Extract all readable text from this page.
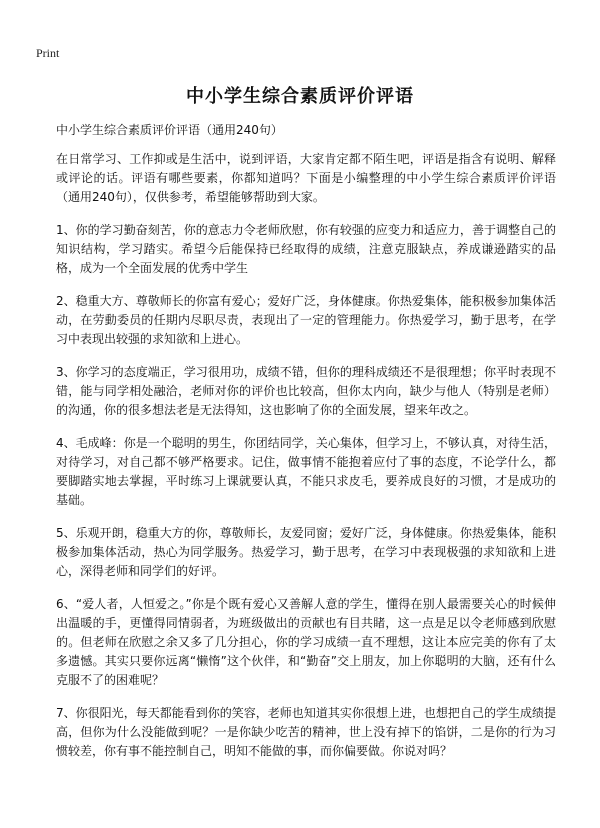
Print
中小学生综合素质评价评语

中小学生综合素质评价评语（通用240句）

在日常学习、工作抑或是生活中，说到评语，大家肯定都不陌生吧，评语是指含有说明、解释或评论的话。评语有哪些要素，你都知道吗？下面是小编整理的中小学生综合素质评价评语（通用240句），仅供参考，希望能够帮助到大家。

1、你的学习勤奋刻苦，你的意志力令老师欣慰，你有较强的应变力和适应力，善于调整自己的知识结构，学习踏实。希望今后能保持已经取得的成绩，注意克服缺点，养成谦逊踏实的品格，成为一个全面发展的优秀中学生

2、稳重大方、尊敬师长的你富有爱心；爱好广泛，身体健康。你热爱集体，能积极参加集体活动，在劳動委员的任期内尽职尽责，表现出了一定的管理能力。你热爱学习，勤于思考，在学习中表现出较强的求知欲和上进心。

3、你学习的态度端正，学习很用功，成绩不错，但你的理科成绩还不是很理想；你平时表现不错，能与同学相处融洽，老师对你的评价也比较高，但你太内向，缺少与他人（特别是老师）的沟通，你的很多想法老是无法得知，这也影响了你的全面发展，望来年改之。

4、毛成峰：你是一个聪明的男生，你团结同学，关心集体，但学习上，不够认真，对待生活，对待学习，对自己都不够严格要求。记住，做事情不能抱着应付了事的态度，不论学什么，都要脚踏实地去掌握，平时练习上课就要认真，不能只求皮毛，要养成良好的习惯，才是成功的基础。

5、乐观开朗，稳重大方的你，尊敬师长，友爱同窗；爱好广泛，身体健康。你热爱集体，能积极参加集体活动，热心为同学服务。热爱学习，勤于思考，在学习中表现极强的求知欲和上进心，深得老师和同学们的好评。

6、“爱人者，人恒爱之。”你是个既有爱心又善解人意的学生，懂得在别人最需要关心的时候伸出温暖的手，更懂得同情弱者，为班级做出的贡献也有目共睹，这一点是足以令老师感到欣慰的。但老师在欣慰之余又多了几分担心，你的学习成绩一直不理想，这让本应完美的你有了太多遗憾。其实只要你远离“懒惰”这个伙伴，和“勤奋”交上朋友，加上你聪明的大脑，还有什么克服不了的困难呢？

7、你很阳光，每天都能看到你的笑容，老师也知道其实你很想上进，也想把自己的学生成绩提高，但你为什么没能做到呢？一是你缺少吃苦的精神，世上没有掉下的馅饼，二是你的行为习惯较差，你有事不能控制自己，明知不能做的事，而你偏要做。你说对吗？
